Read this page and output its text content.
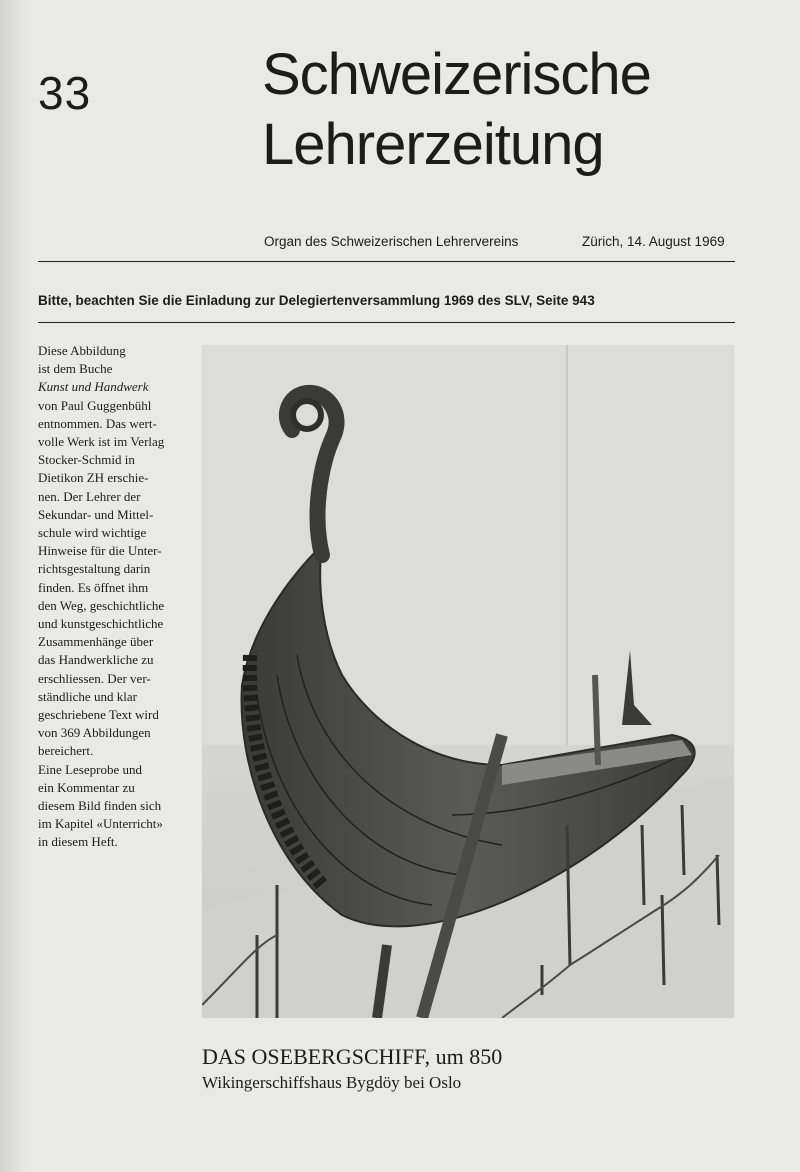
33	Schweizerische
Lehrerzeitung
Organ des Schweizerischen Lehrervereins	Zürich, 14. August 1969
Bitte, beachten Sie die Einladung zur Delegiertenversammlung 1969 des SLV, Seite 943
Diese Abbildung
ist dem Buche
Kunst und Handwerk
von Paul Guggenbühl
entnommen. Das wert-
volle Werk ist im Verlag
Stocker-Schmid in
Dietikon ZH erschie-
nen. Der Lehrer der
Sekundar- und Mittel-
schule wird wichtige
Hinweise für die Unter-
richtsgestaltung darin
finden. Es öffnet ihm
den Weg, geschichtliche
und kunstgeschichtliche
Zusammenhänge über
das Handwerkliche zu
erschliessen. Der ver-
ständliche und klar
geschriebene Text wird
von 369 Abbildungen
bereichert.
Eine Leseprobe und
ein Kommentar zu
diesem Bild finden sich
im Kapitel «Unterricht»
in diesem Heft.
DAS OSEBERGSCHIFF, um 850
Wikingerschiffshaus Bygdöy bei Oslo
